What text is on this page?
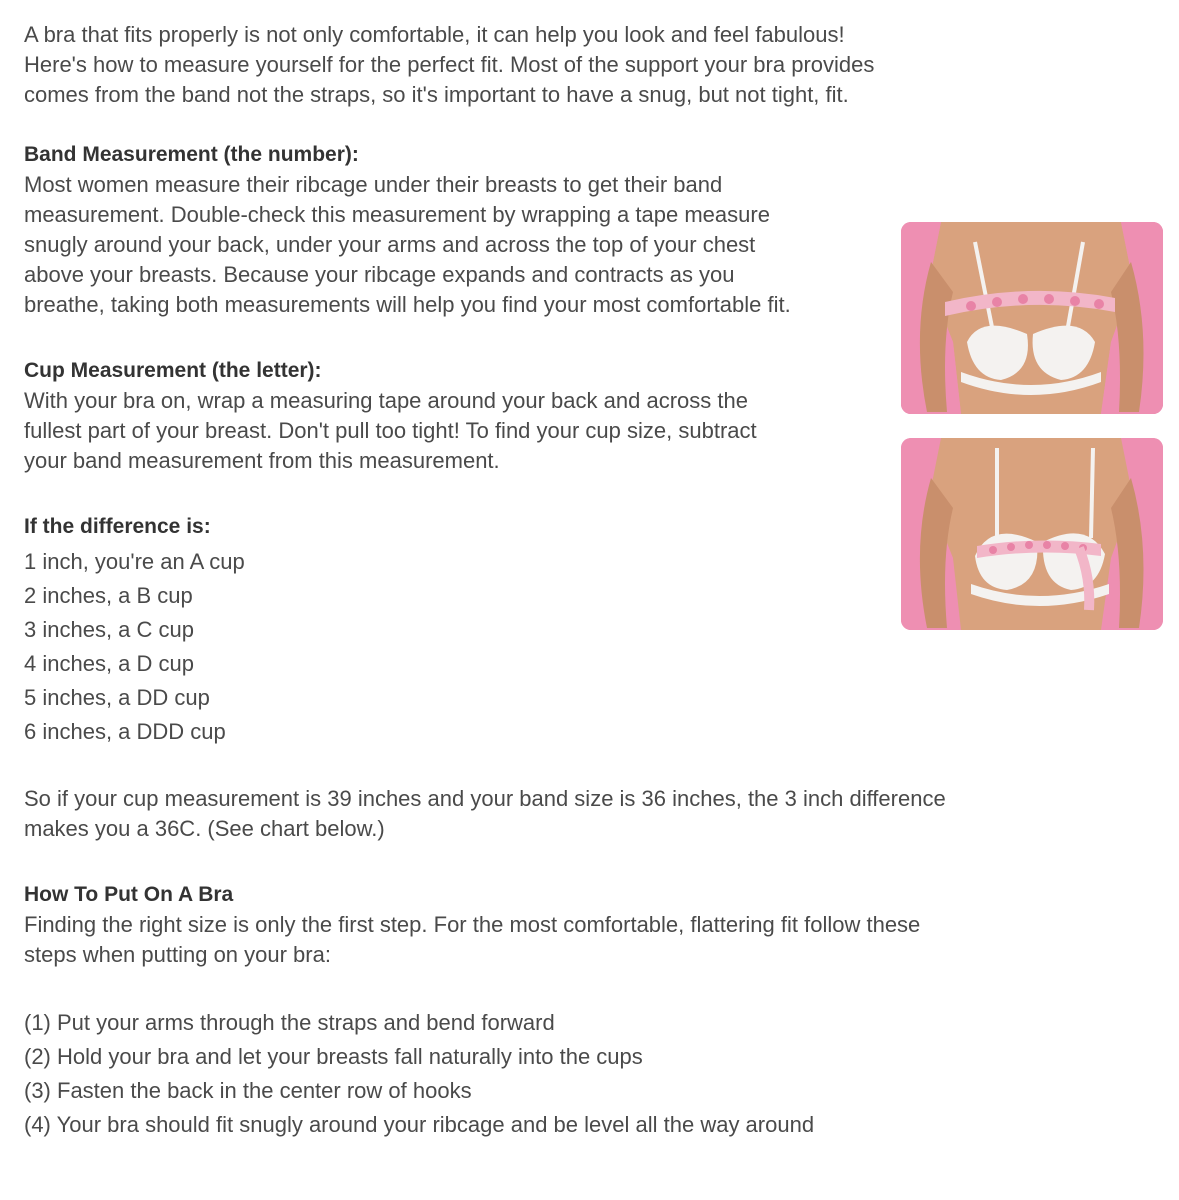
A bra that fits properly is not only comfortable, it can help you look and feel fabulous!

Here's how to measure yourself for the perfect fit. Most of the support your bra provides

comes from the band not the straps, so it's important to have a snug, but not tight, fit.

Band Measurement (the number):

Most women measure their ribcage under their breasts to get their band

measurement. Double-check this measurement by wrapping a tape measure

snugly around your back, under your arms and across the top of your chest

above your breasts. Because your ribcage expands and contracts as you

breathe, taking both measurements will help you find your most comfortable fit.

Cup Measurement (the letter):

With your bra on, wrap a measuring tape around your back and across the

fullest part of your breast. Don't pull too tight! To find your cup size, subtract

your band measurement from this measurement.

If the difference is:

1 inch, you're an A cup
2 inches, a B cup
3 inches, a C cup
4 inches, a D cup
5 inches, a DD cup
6 inches, a DDD cup

So if your cup measurement is 39 inches and your band size is 36 inches, the 3 inch difference

makes you a 36C. (See chart below.)

How To Put On A Bra

Finding the right size is only the first step. For the most comfortable, flattering fit follow these

steps when putting on your bra:

(1) Put your arms through the straps and bend forward
(2) Hold your bra and let your breasts fall naturally into the cups
(3) Fasten the back in the center row of hooks
(4) Your bra should fit snugly around your ribcage and be level all the way around
